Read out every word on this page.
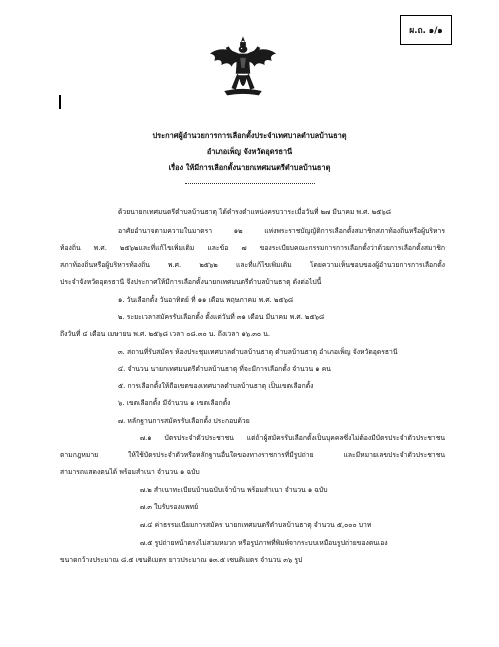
ผ.ถ. ๑/๑
ประกาศผู้อำนวยการการเลือกตั้งประจำเทศบาลตำบลบ้านธาตุ
อำเภอเพ็ญ จังหวัดอุดรธานี
เรื่อง ให้มีการเลือกตั้งนายกเทศมนตรีตำบลบ้านธาตุ
ด้วยนายกเทศมนตรีตำบลบ้านธาตุ ได้ดำรงตำแหน่งครบวาระเมื่อวันที่ ๒๗ มีนาคม พ.ศ. ๒๕๖๘
อาศัยอำนาจตามความในมาตรา ๑๒ แห่งพระราชบัญญัติการเลือกตั้งสมาชิกสภาท้องถิ่นหรือผู้บริหาร
ท้องถิ่น พ.ศ. ๒๕๖๒และที่แก้ไขเพิ่มเติม และข้อ ๗ ของระเบียบคณะกรรมการการเลือกตั้งว่าด้วยการเลือกตั้งสมาชิก
สภาท้องถิ่นหรือผู้บริหารท้องถิ่น พ.ศ. ๒๕๖๒ และที่แก้ไขเพิ่มเติม โดยความเห็นชอบของผู้อำนวยการการเลือกตั้ง
ประจำจังหวัดอุดรธานี จึงประกาศให้มีการเลือกตั้งนายกเทศมนตรีตำบลบ้านธาตุ ดังต่อไปนี้
๑. วันเลือกตั้ง วันอาทิตย์ ที่ ๑๑ เดือน พฤษภาคม พ.ศ. ๒๕๖๘
๒. ระยะเวลาสมัครรับเลือกตั้ง ตั้งแต่วันที่ ๓๑ เดือน มีนาคม พ.ศ. ๒๕๖๘
ถึงวันที่ ๔ เดือน เมษายน พ.ศ. ๒๕๖๘ เวลา ๐๘.๓๐ น. ถึงเวลา ๑๖.๓๐ น.
๓. สถานที่รับสมัคร ห้องประชุมเทศบาลตำบลบ้านธาตุ ตำบลบ้านธาตุ อำเภอเพ็ญ จังหวัดอุดรธานี
๔. จำนวน นายกเทศมนตรีตำบลบ้านธาตุ ที่จะมีการเลือกตั้ง จำนวน ๑ คน
๕. การเลือกตั้งให้ถือเขตของเทศบาลตำบลบ้านธาตุ เป็นเขตเลือกตั้ง
๖. เขตเลือกตั้ง มีจำนวน ๑ เขตเลือกตั้ง
๗. หลักฐานการสมัครรับเลือกตั้ง ประกอบด้วย
๗.๑ บัตรประจำตัวประชาชน แต่ถ้าผู้สมัครรับเลือกตั้งเป็นบุคคลซึ่งไม่ต้องมีบัตรประจำตัวประชาชน
ตามกฎหมาย ให้ใช้บัตรประจำตัวหรือหลักฐานอื่นใดของทางราชการที่มีรูปถ่าย และมีหมายเลขประจำตัวประชาชน
สามารถแสดงตนได้ พร้อมสำเนา จำนวน ๑ ฉบับ
๗.๒ สำเนาทะเบียนบ้านฉบับเจ้าบ้าน พร้อมสำเนา จำนวน ๑ ฉบับ
๗.๓ ใบรับรองแพทย์
๗.๔ ค่าธรรมเนียมการสมัคร นายกเทศมนตรีตำบลบ้านธาตุ จำนวน ๕,๐๐๐ บาท
๗.๕ รูปถ่ายหน้าตรงไม่สวมหมวก หรือรูปภาพที่พิมพ์จากระบบเหมือนรูปถ่ายของตนเอง
ขนาดกว้างประมาณ ๘.๕ เซนติเมตร ยาวประมาณ ๑๓.๕ เซนติเมตร จำนวน ๓๖ รูป
